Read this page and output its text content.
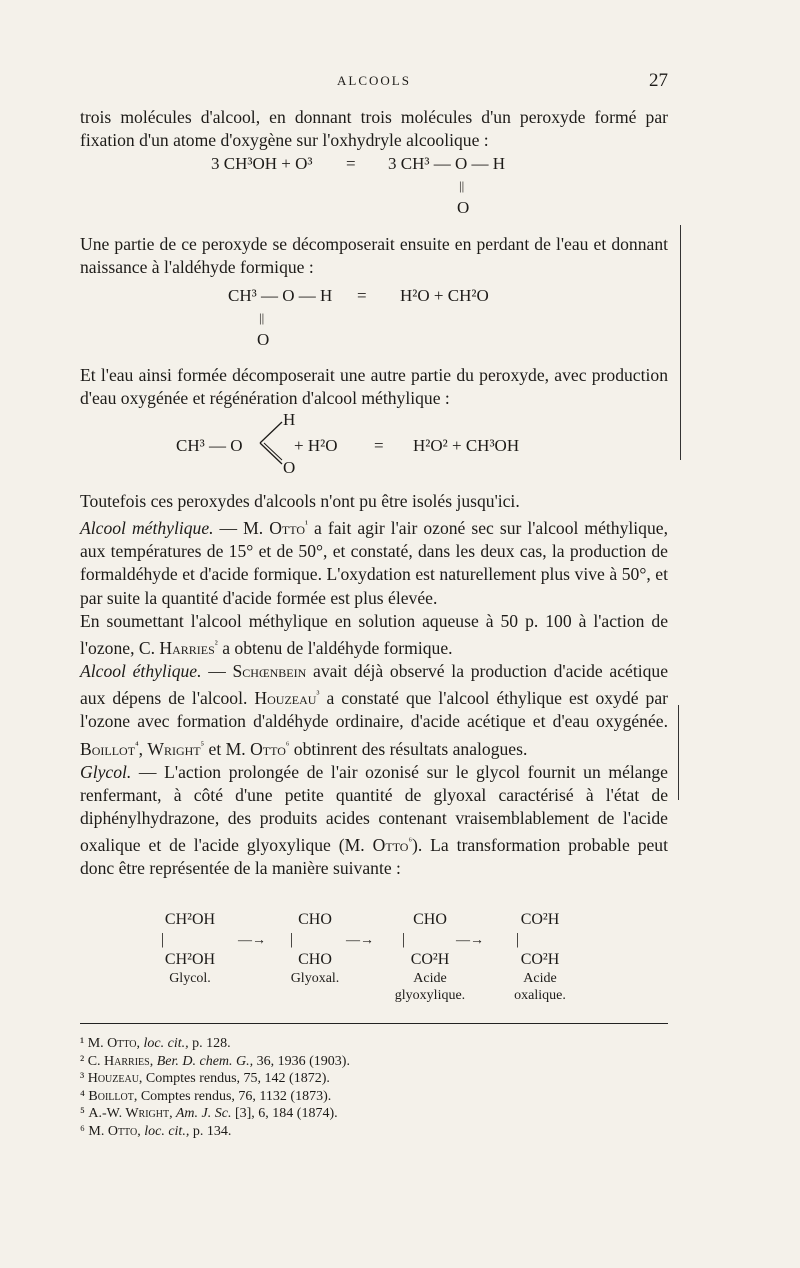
ALCOOLS	27

trois molécules d'alcool, en donnant trois molécules d'un peroxyde formé par fixation d'un atome d'oxygène sur l'oxhydryle alcoolique :

3 CH³OH + O³ = 3 CH³ — O — H
||
O

Une partie de ce peroxyde se décomposerait ensuite en perdant de l'eau et donnant naissance à l'aldéhyde formique :

CH³ — O — H = H²O + CH²O
||
O

Et l'eau ainsi formée décomposerait une autre partie du peroxyde, avec production d'eau oxygénée et régénération d'alcool méthylique :

CH³ — O
H
O
+ H²O = H²O² + CH³OH

Toutefois ces peroxydes d'alcools n'ont pu être isolés jusqu'ici.

Alcool méthylique. — M. Otto$^{^1}$ a fait agir l'air ozoné sec sur l'alcool méthylique, aux températures de 15° et de 50°, et constaté, dans les deux cas, la production de formaldéhyde et d'acide formique. L'oxydation est naturellement plus vive à 50°, et par suite la quantité d'acide formée est plus élevée.

En soumettant l'alcool méthylique en solution aqueuse à 50 p. 100 à l'action de l'ozone, C. Harries$^{^2}$ a obtenu de l'aldéhyde formique.

Alcool éthylique. — Schœnbein avait déjà observé la production d'acide acétique aux dépens de l'alcool. Houzeau$^{^3}$ a constaté que l'alcool éthylique est oxydé par l'ozone avec formation d'aldéhyde ordinaire, d'acide acétique et d'eau oxygénée. Boillot$^{^4}$, Wright$^{^5}$ et M. Otto$^{^6}$ obtinrent des résultats analogues.

Glycol. — L'action prolongée de l'air ozonisé sur le glycol fournit un mélange renfermant, à côté d'une petite quantité de glyoxal caractérisé à l'état de diphénylhydrazone, des produits acides contenant vraisemblablement de l'acide oxalique et de l'acide glyoxylique (M. Otto$^{^6}$). La transformation probable peut donc être représentée de la manière suivante :

CH²OH
|
CH²OH
Glycol.
—→
CHO
|
CHO
Glyoxal.
—→
CHO
|
CO²H
Acide
glyoxylique.
—→
CO²H
|
CO²H
Acide
oxalique.
¹ M. Otto, loc. cit., p. 128.
² C. Harries, Ber. D. chem. G., 36, 1936 (1903).
³ Houzeau, Comptes rendus, 75, 142 (1872).
⁴ Boillot, Comptes rendus, 76, 1132 (1873).
⁵ A.-W. Wright, Am. J. Sc. [3], 6, 184 (1874).
⁶ M. Otto, loc. cit., p. 134.
